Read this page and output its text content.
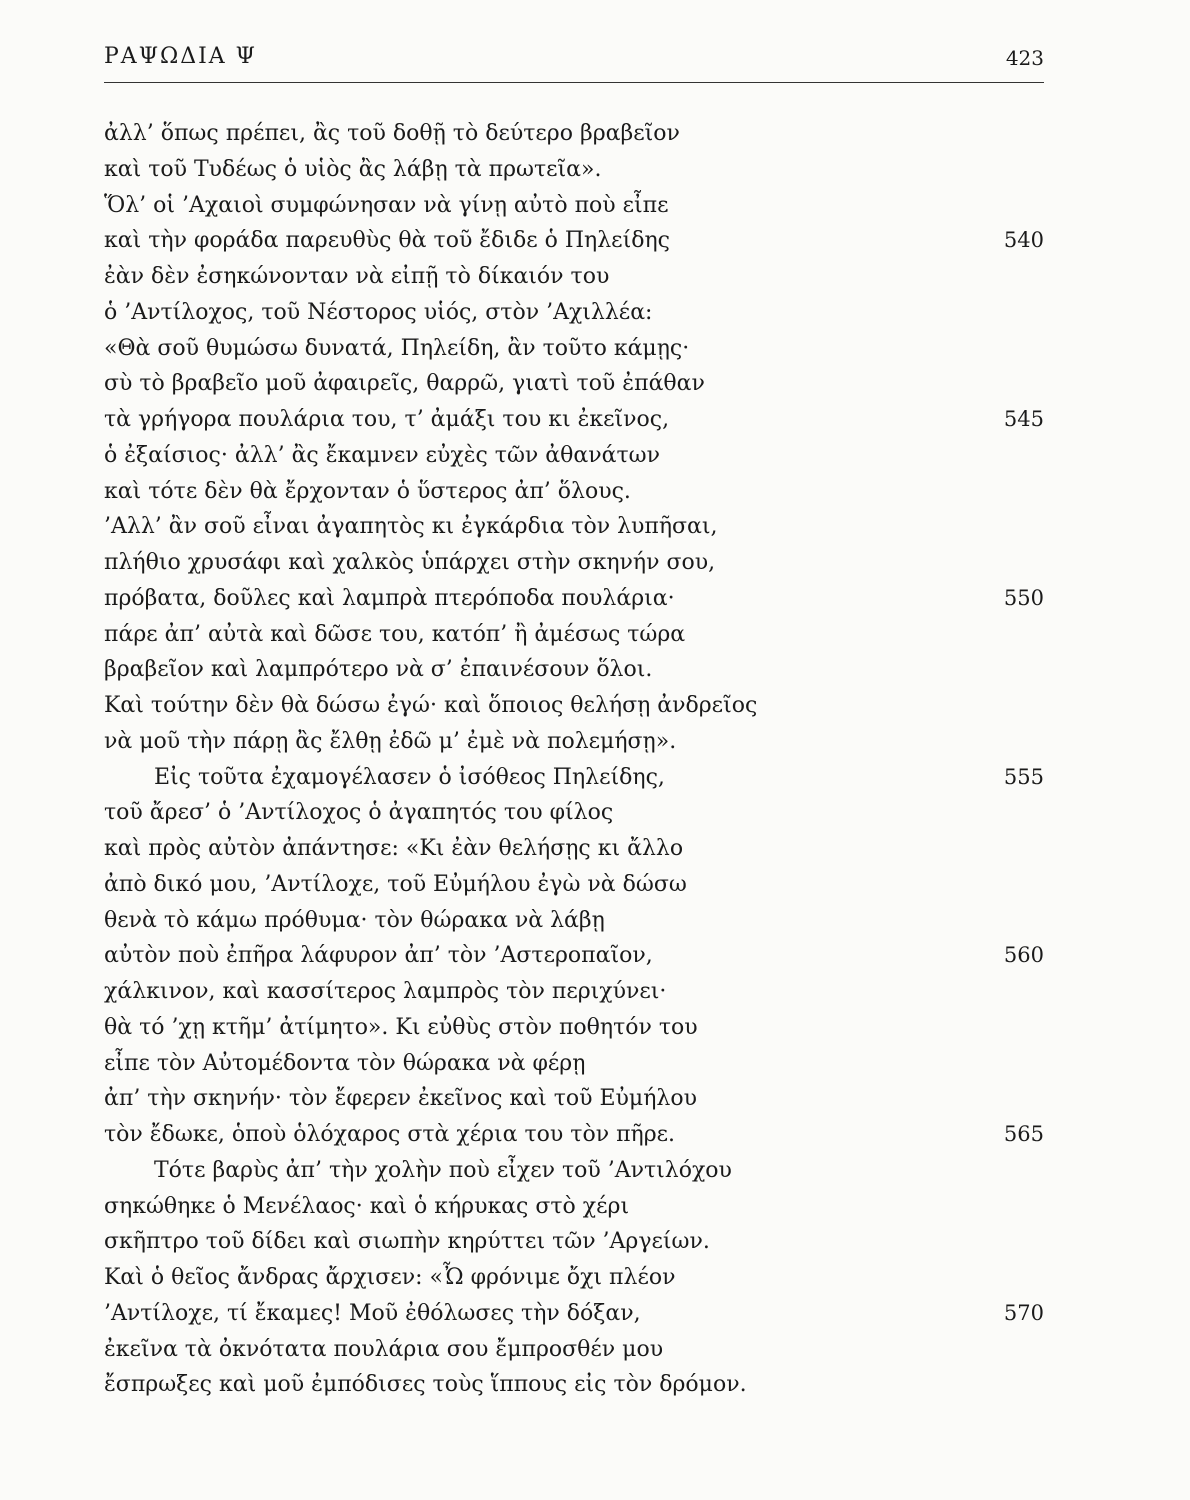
ΡΑΨΩΔΙΑ Ψ	423
ἀλλ’ ὅπως πρέπει, ἂς τοῦ δοθῇ τὸ δεύτερο βραβεῖον
καὶ τοῦ Τυδέως ὁ υἱὸς ἂς λάβῃ τὰ πρωτεῖα».
Ὅλ’ οἱ ’Αχαιοὶ συμφώνησαν νὰ γίνῃ αὐτὸ ποὺ εἶπε
καὶ τὴν φοράδα παρευθὺς θὰ τοῦ ἔδιδε ὁ Πηλείδης	540
ἐὰν δὲν ἐσηκώνονταν νὰ εἰπῇ τὸ δίκαιόν του
ὁ ’Αντίλοχος, τοῦ Νέστορος υἱός, στὸν ’Αχιλλέα:
«Θὰ σοῦ θυμώσω δυνατά, Πηλείδη, ἂν τοῦτο κάμῃς·
σὺ τὸ βραβεῖο μοῦ ἀφαιρεῖς, θαρρῶ, γιατὶ τοῦ ἐπάθαν
τὰ γρήγορα πουλάρια του, τ’ ἀμάξι του κι ἐκεῖνος,	545
ὁ ἐξαίσιος· ἀλλ’ ἂς ἔκαμνεν εὐχὲς τῶν ἀθανάτων
καὶ τότε δὲν θὰ ἔρχονταν ὁ ὕστερος ἀπ’ ὅλους.
’Αλλ’ ἂν σοῦ εἶναι ἀγαπητὸς κι ἐγκάρδια τὸν λυπῆσαι,
πλήθιο χρυσάφι καὶ χαλκὸς ὑπάρχει στὴν σκηνήν σου,
πρόβατα, δοῦλες καὶ λαμπρὰ πτερόποδα πουλάρια·	550
πάρε ἀπ’ αὐτὰ καὶ δῶσε του, κατόπ’ ἢ ἀμέσως τώρα
βραβεῖον καὶ λαμπρότερο νὰ σ’ ἐπαινέσουν ὅλοι.
Καὶ τούτην δὲν θὰ δώσω ἐγώ· καὶ ὅποιος θελήσῃ ἀνδρεῖος
νὰ μοῦ τὴν πάρῃ ἂς ἔλθῃ ἐδῶ μ’ ἐμὲ νὰ πολεμήσῃ».
Εἰς τοῦτα ἐχαμογέλασεν ὁ ἰσόθεος Πηλείδης,	555
τοῦ ἄρεσ’ ὁ ’Αντίλοχος ὁ ἀγαπητός του φίλος
καὶ πρὸς αὐτὸν ἀπάντησε: «Κι ἐὰν θελήσῃς κι ἄλλο
ἀπὸ δικό μου, ’Αντίλοχε, τοῦ Εὐμήλου ἐγὼ νὰ δώσω
θενὰ τὸ κάμω πρόθυμα· τὸν θώρακα νὰ λάβῃ
αὐτὸν ποὺ ἐπῆρα λάφυρον ἀπ’ τὸν ’Αστεροπαῖον,	560
χάλκινον, καὶ κασσίτερος λαμπρὸς τὸν περιχύνει·
θὰ τό ’χῃ κτῆμ’ ἀτίμητο». Κι εὐθὺς στὸν ποθητόν του
εἶπε τὸν Αὐτομέδοντα τὸν θώρακα νὰ φέρῃ
ἀπ’ τὴν σκηνήν· τὸν ἔφερεν ἐκεῖνος καὶ τοῦ Εὐμήλου
τὸν ἔδωκε, ὁποὺ ὁλόχαρος στὰ χέρια του τὸν πῆρε.	565
Τότε βαρὺς ἀπ’ τὴν χολὴν ποὺ εἶχεν τοῦ ’Αντιλόχου
σηκώθηκε ὁ Μενέλαος· καὶ ὁ κήρυκας στὸ χέρι
σκῆπτρο τοῦ δίδει καὶ σιωπὴν κηρύττει τῶν ’Αργείων.
Καὶ ὁ θεῖος ἄνδρας ἄρχισεν: «Ὦ φρόνιμε ὄχι πλέον
’Αντίλοχε, τί ἔκαμες! Μοῦ ἐθόλωσες τὴν δόξαν,	570
ἐκεῖνα τὰ ὀκνότατα πουλάρια σου ἔμπροσθέν μου
ἔσπρωξες καὶ μοῦ ἐμπόδισες τοὺς ἵππους εἰς τὸν δρόμον.
